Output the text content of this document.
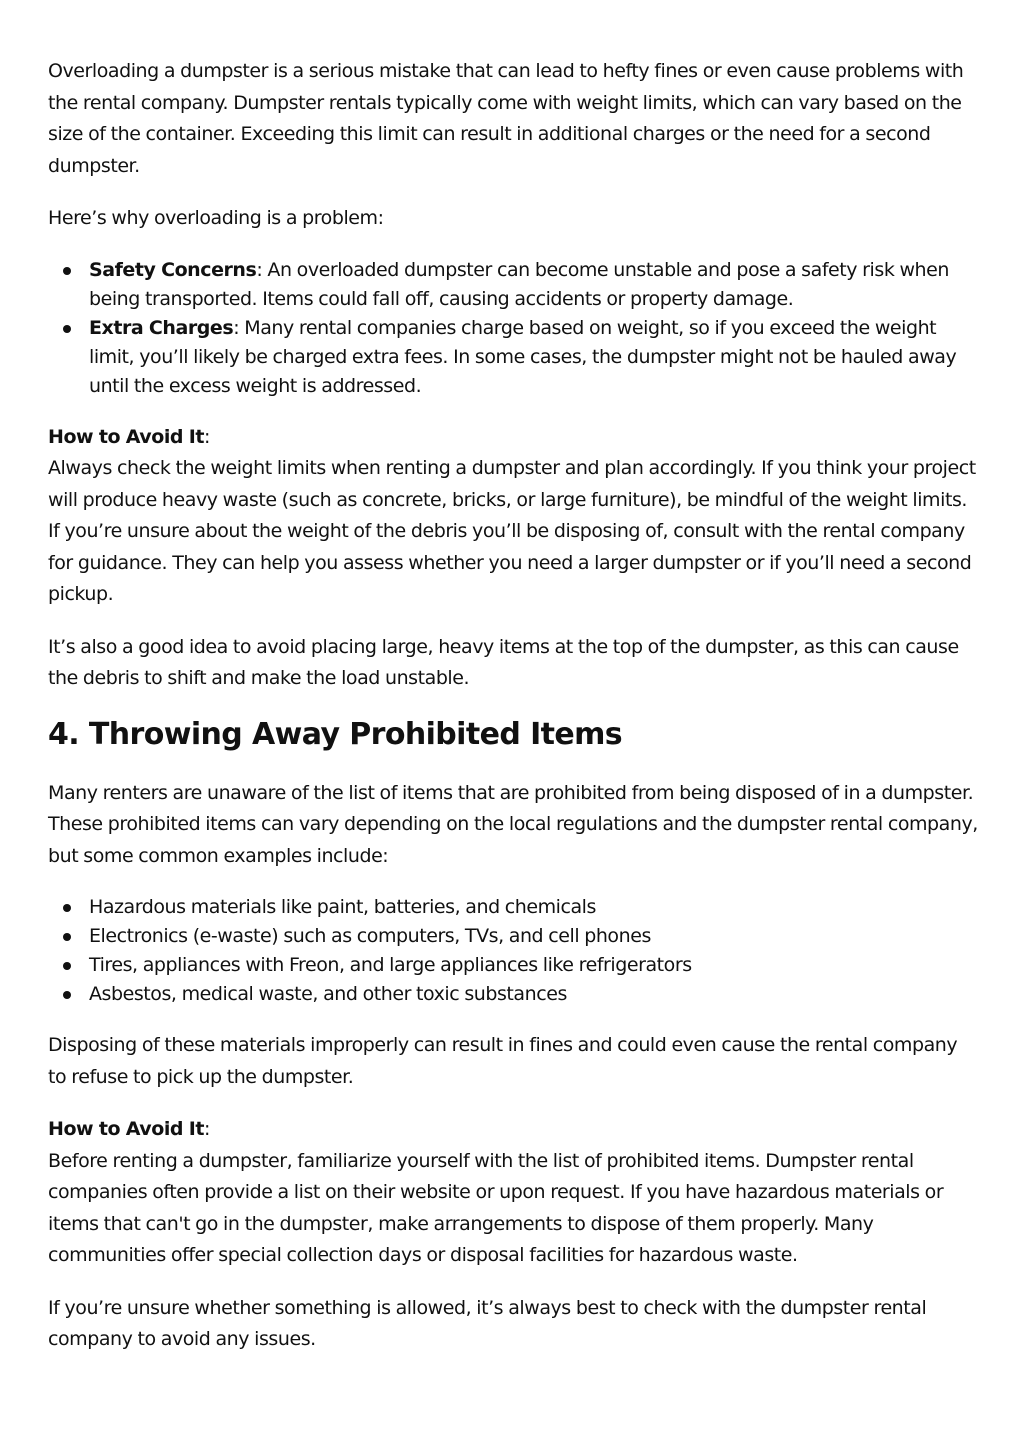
Overloading a dumpster is a serious mistake that can lead to hefty fines or even cause problems with the rental company. Dumpster rentals typically come with weight limits, which can vary based on the size of the container. Exceeding this limit can result in additional charges or the need for a second dumpster.

Here’s why overloading is a problem:

Safety Concerns: An overloaded dumpster can become unstable and pose a safety risk when being transported. Items could fall off, causing accidents or property damage.
Extra Charges: Many rental companies charge based on weight, so if you exceed the weight limit, you’ll likely be charged extra fees. In some cases, the dumpster might not be hauled away until the excess weight is addressed.

How to Avoid It:
Always check the weight limits when renting a dumpster and plan accordingly. If you think your project will produce heavy waste (such as concrete, bricks, or large furniture), be mindful of the weight limits. If you’re unsure about the weight of the debris you’ll be disposing of, consult with the rental company for guidance. They can help you assess whether you need a larger dumpster or if you’ll need a second pickup.

It’s also a good idea to avoid placing large, heavy items at the top of the dumpster, as this can cause the debris to shift and make the load unstable.

4. Throwing Away Prohibited Items

Many renters are unaware of the list of items that are prohibited from being disposed of in a dumpster. These prohibited items can vary depending on the local regulations and the dumpster rental company, but some common examples include:

Hazardous materials like paint, batteries, and chemicals
Electronics (e-waste) such as computers, TVs, and cell phones
Tires, appliances with Freon, and large appliances like refrigerators
Asbestos, medical waste, and other toxic substances

Disposing of these materials improperly can result in fines and could even cause the rental company to refuse to pick up the dumpster.

How to Avoid It:
Before renting a dumpster, familiarize yourself with the list of prohibited items. Dumpster rental companies often provide a list on their website or upon request. If you have hazardous materials or items that can't go in the dumpster, make arrangements to dispose of them properly. Many communities offer special collection days or disposal facilities for hazardous waste.

If you’re unsure whether something is allowed, it’s always best to check with the dumpster rental company to avoid any issues.
